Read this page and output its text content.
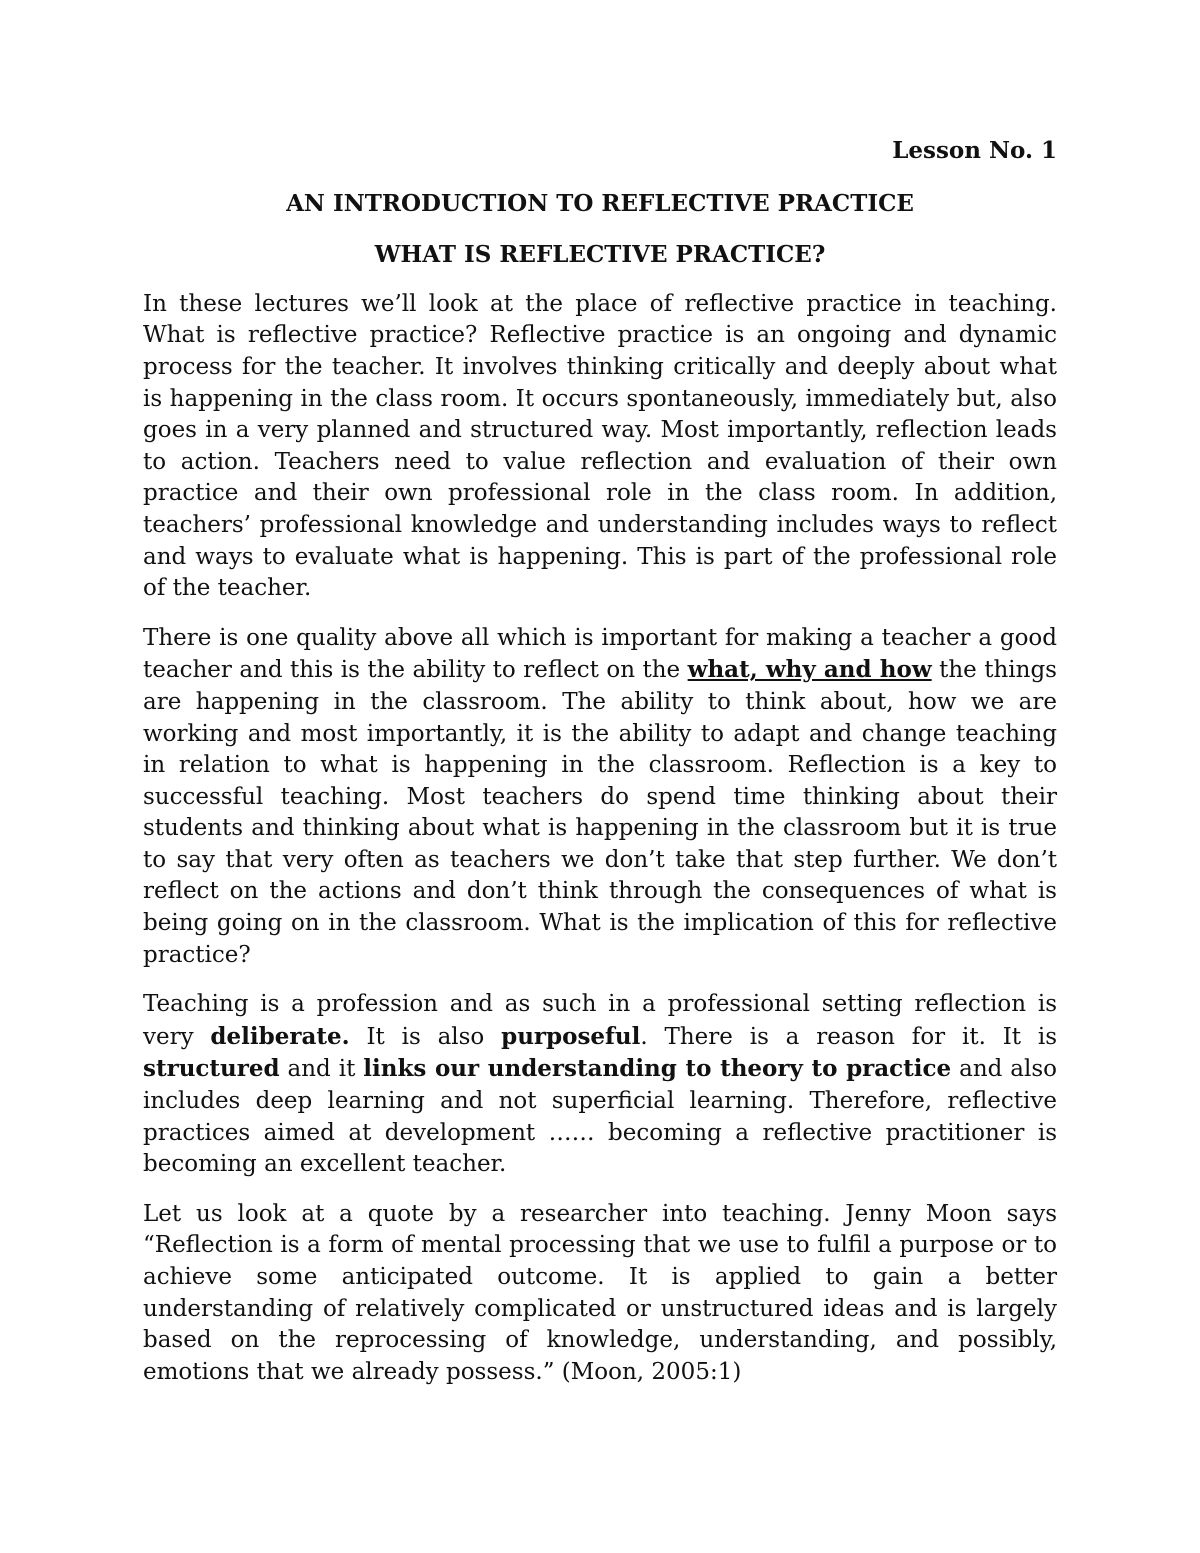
Lesson No. 1
AN INTRODUCTION TO REFLECTIVE PRACTICE
WHAT IS REFLECTIVE PRACTICE?

In these lectures we’ll look at the place of reflective practice in teaching. What is reflective practice? Reflective practice is an ongoing and dynamic process for the teacher. It involves thinking critically and deeply about what is happening in the class room. It occurs spontaneously, immediately but, also goes in a very planned and structured way. Most importantly, reflection leads to action. Teachers need to value reflection and evaluation of their own practice and their own professional role in the class room. In addition, teachers’ professional knowledge and understanding includes ways to reflect and ways to evaluate what is happening. This is part of the professional role of the teacher.

There is one quality above all which is important for making a teacher a good teacher and this is the ability to reflect on the what, why and how the things are happening in the classroom. The ability to think about, how we are working and most importantly, it is the ability to adapt and change teaching in relation to what is happening in the classroom. Reflection is a key to successful teaching. Most teachers do spend time thinking about their students and thinking about what is happening in the classroom but it is true to say that very often as teachers we don’t take that step further. We don’t reflect on the actions and don’t think through the consequences of what is being going on in the classroom. What is the implication of this for reflective practice?

Teaching is a profession and as such in a professional setting reflection is very deliberate. It is also purposeful. There is a reason for it. It is structured and it links our understanding to theory to practice and also includes deep learning and not superficial learning. Therefore, reflective practices aimed at development …… becoming a reflective practitioner is becoming an excellent teacher.

Let us look at a quote by a researcher into teaching. Jenny Moon says “Reflection is a form of mental processing that we use to fulfil a purpose or to achieve some anticipated outcome. It is applied to gain a better understanding of relatively complicated or unstructured ideas and is largely based on the reprocessing of knowledge, understanding, and possibly, emotions that we already possess.” (Moon, 2005:1)
